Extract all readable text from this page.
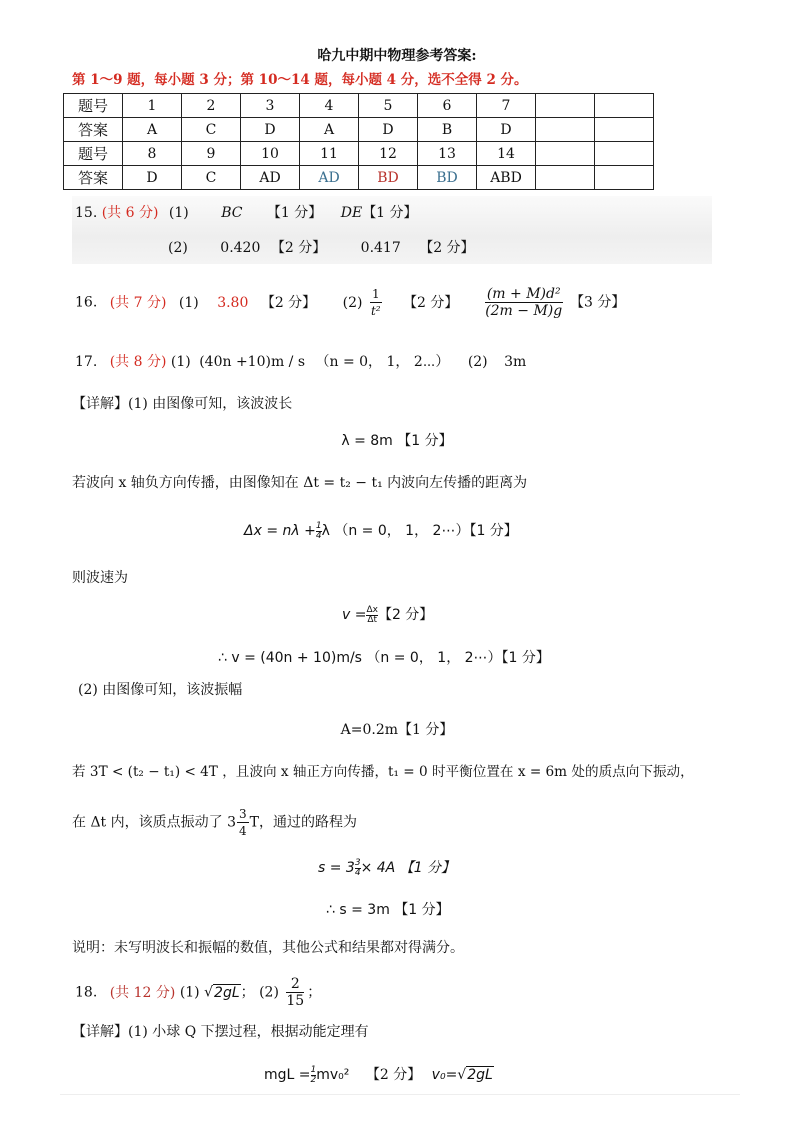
哈九中期中物理参考答案:
第 1～9 题，每小题 3 分；第 10～14 题，每小题 4 分，选不全得 2 分。
题号	1	2	3	4	5	6	7		
答案	A	C	D	A	D	B	D		
题号	8	9	10	11	12	13	14		
答案	D	C	AD	AD	BD	BD	ABD		
15. (共 6 分) (1) BC 【1 分】 DE【1 分】
(2) 0.420 【2 分】 0.417 【2 分】
16. (共 7 分) (1) 3.80 【2 分】 $(2) \frac{1}{\text{t²}}$ 【2 分】 $\frac{\text{(m + M)d²}}{(2m - M)g}$ 【3 分】
17. (共 8 分) (1) (40n +10)m / s （n = 0， 1， 2⋯） (2) 3m
【详解】(1) 由图像可知，该波波长
λ = 8m 【1 分】
若波向 x 轴负方向传播，由图像知在 Δt = t₂ − t₁ 内波向左传播的距离为
$\Delta x = n\lambda + \frac{1}{4}$ λ （n = 0， 1， 2⋯）【1 分】
则波速为
$v = \frac{\Delta x}{\Delta t}$ 【2 分】
∴ v = (40n + 10)m/s （n = 0， 1， 2⋯）【1 分】
(2) 由图像可知，该波振幅
A=0.2m【1 分】
若 3T < (t₂ − t₁) < 4T ，且波向 x 轴正方向传播，t₁ = 0 时平衡位置在 x = 6m 处的质点向下振动，
在 Δt 内，该质点振动了 $3 \frac{3}{4}$ T，通过的路程为
$s = 3 \frac{3}{4} \times 4A$ 【1 分】
∴ s = 3m 【1 分】
说明：未写明波长和振幅的数值，其他公式和结果都对得满分。
18. (共 12 分) (1) √2gL； $(2) \frac{2}{15}$ ；
【详解】(1) 小球 Q 下摆过程，根据动能定理有
mgL = $\frac{1}{2} mv_0^2$ 【2 分】 v₀=√2gL
